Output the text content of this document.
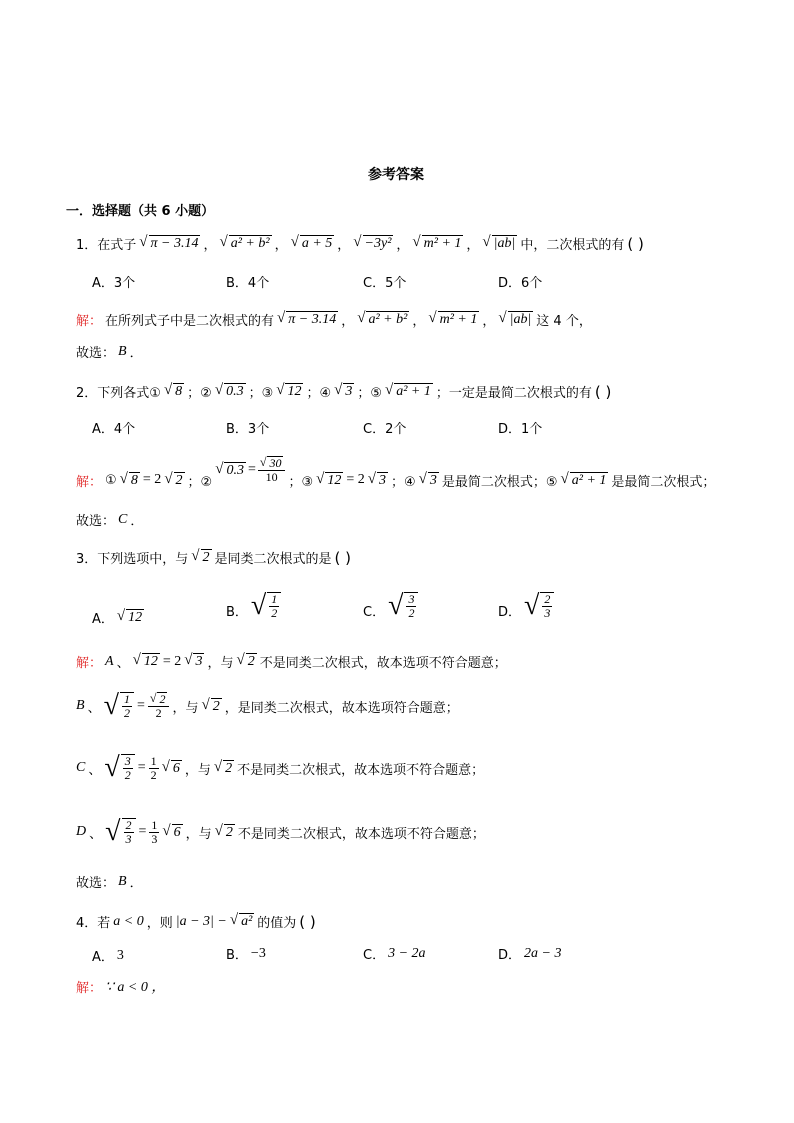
参考答案
一．选择题（共 6 小题）
1．在式子 √ π − 3.14 ， √ a² + b² ， √ a + 5 ， √ −3y² ， √ m² + 1 ， √ |ab| 中，二次根式的有 ( )
A．3个	B．4个	C．5个	D．6个
解： 在所列式子中是二次根式的有 √ π − 3.14 ， √ a² + b² ， √ m² + 1 ， √ |ab| 这 4 个，
故选： B ．
2．下列各式① √ 8 ；② √ 0.3 ；③ √ 12 ；④ √ 3 ；⑤ √ a² + 1 ；一定是最简二次根式的有 ( )
A．4个	B．3个	C．2个	D．1个
解： ① √ 8 = 2 √ 2 ；②
√ $0.3 = \frac{√ 30}{10}$ ；③ √ 12 = 2 √ 3 ；④ √ 3 是最简二次根式；⑤ √ a² + 1 是最简二次根式；
故选： C ．
3．下列选项中，与 √ 2 是同类二次根式的是 ( )
A． √ 12	B． √ $\frac{1}{2}$	C． √ $\frac{3}{2}$	D． √ $\frac{2}{3}$
解： A 、 √ 12 = 2 √ 3 ，与 √ 2 不是同类二次根式，故本选项不符合题意；
B 、 √ $\frac{1}{2} = \frac{√ 2}{2}$ ，与 √ 2 ，是同类二次根式，故本选项符合题意；
C 、 √ $\frac{3}{2} = \frac{1}{2}$ √ 6 ，与 √ 2 不是同类二次根式，故本选项不符合题意；
D 、 √ $\frac{2}{3} = \frac{1}{3}$ √ 6 ，与 √ 2 不是同类二次根式，故本选项不符合题意；
故选： B ．
4．若 a < 0 ，则 |a − 3| − √ a² 的值为 ( )
A． 3	B． −3	C． 3 − 2a	D． 2a − 3
解： ∵ a < 0 ，
